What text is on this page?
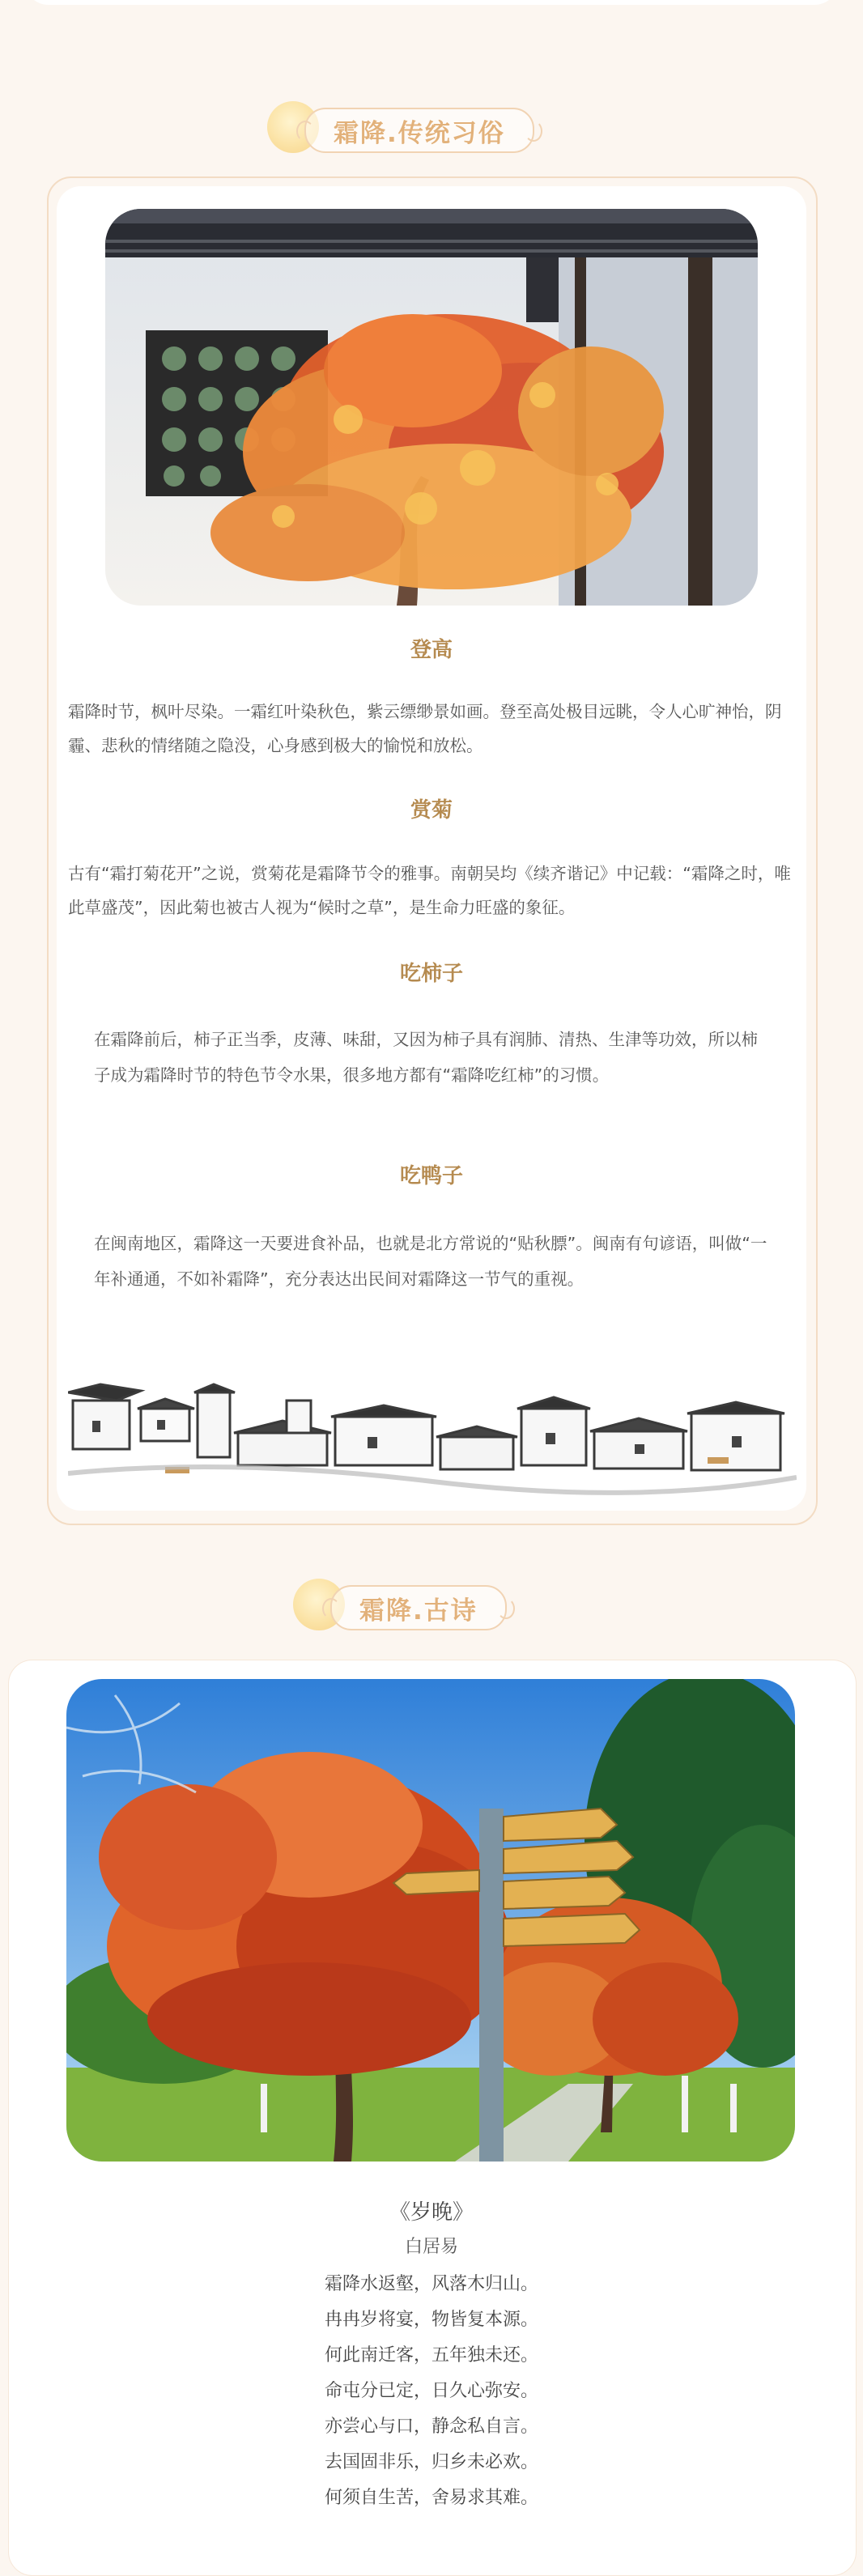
霜降.传统习俗
登高
霜降时节，枫叶尽染。一霜红叶染秋色，紫云缥缈景如画。登至高处极目远眺，令人心旷神怡，阴霾、悲秋的情绪随之隐没，心身感到极大的愉悦和放松。
赏菊
古有“霜打菊花开”之说，赏菊花是霜降节令的雅事。南朝吴均《续齐谐记》中记载：“霜降之时，唯此草盛茂”，因此菊也被古人视为“候时之草”，是生命力旺盛的象征。
吃柿子
在霜降前后，柿子正当季，皮薄、味甜，又因为柿子具有润肺、清热、生津等功效，所以柿子成为霜降时节的特色节令水果，很多地方都有“霜降吃红柿”的习惯。
吃鸭子
在闽南地区，霜降这一天要进食补品，也就是北方常说的“贴秋膘”。闽南有句谚语，叫做“一年补通通，不如补霜降”，充分表达出民间对霜降这一节气的重视。
霜降.古诗
《岁晚》
白居易
霜降水返壑，风落木归山。
冉冉岁将宴，物皆复本源。
何此南迁客，五年独未还。
命屯分已定，日久心弥安。
亦尝心与口，静念私自言。
去国固非乐，归乡未必欢。
何须自生苦，舍易求其难。
